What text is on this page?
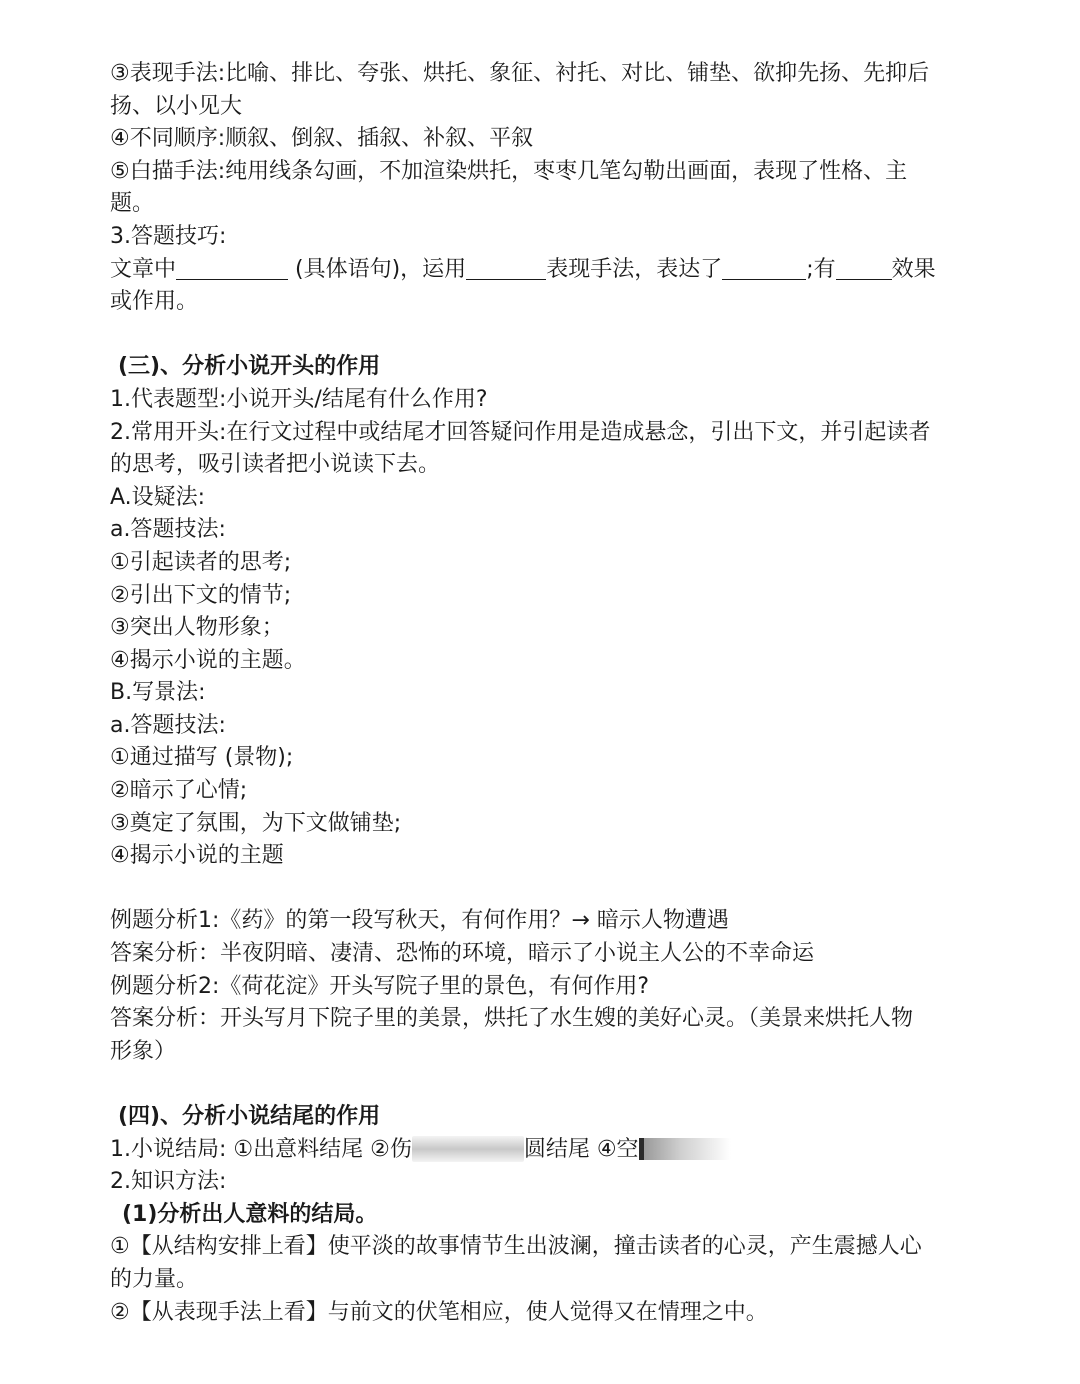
③表现手法:比喻、排比、夸张、烘托、象征、衬托、对比、铺垫、欲抑先扬、先抑后
扬、以小见大
④不同顺序:顺叙、倒叙、插叙、补叙、平叙
⑤白描手法:纯用线条勾画，不加渲染烘托，枣枣几笔勾勒出画面，表现了性格、主
题。
3.答题技巧:
文章中	(具体语句)，运用	表现手法，表达了	;有	效果
或作用。
(三)、分析小说开头的作用
1.代表题型:小说开头/结尾有什么作用?
2.常用开头:在行文过程中或结尾才回答疑问作用是造成悬念，引出下文，并引起读者
的思考，吸引读者把小说读下去。
A.设疑法:
a.答题技法:
①引起读者的思考;
②引出下文的情节;
③突出人物形象；
④揭示小说的主题。
B.写景法:
a.答题技法:
①通过描写 (景物);
②暗示了心情;
③奠定了氛围，为下文做铺垫;
④揭示小说的主题
例题分析1:《药》的第一段写秋天，有何作用？→ 暗示人物遭遇
答案分析：半夜阴暗、凄清、恐怖的环境，暗示了小说主人公的不幸命运
例题分析2:《荷花淀》开头写院子里的景色，有何作用?
答案分析：开头写月下院子里的美景，烘托了水生嫂的美好心灵。（美景来烘托人物
形象）
(四)、分析小说结尾的作用
1.小说结局: ①出意料结尾 ②伤	圆结尾 ④空
2.知识方法:
(1)分析出人意料的结局。
①【从结构安排上看】使平淡的故事情节生出波澜，撞击读者的心灵，产生震撼人心
的力量。
②【从表现手法上看】与前文的伏笔相应，使人觉得又在情理之中。
